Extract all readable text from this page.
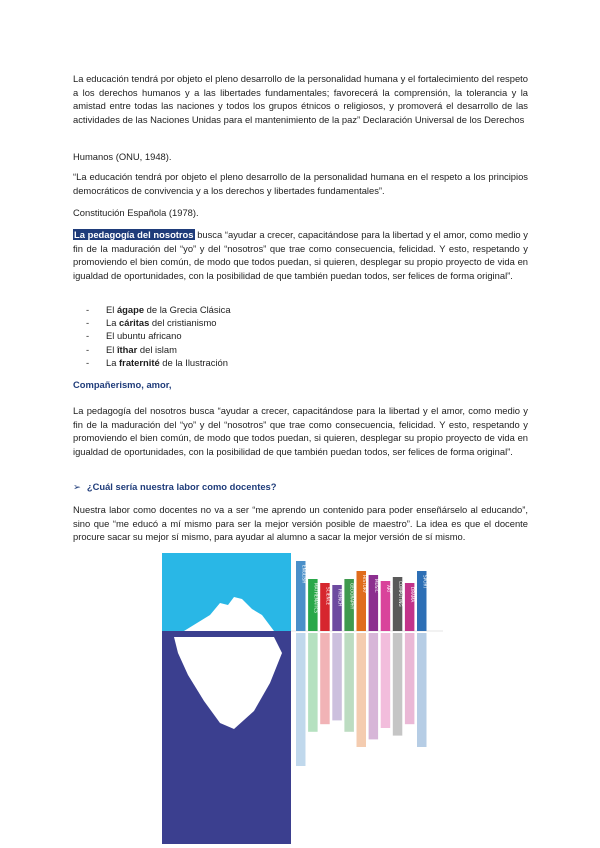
La educación tendrá por objeto el pleno desarrollo de la personalidad humana y el fortalecimiento del respeto a los derechos humanos y a las libertades fundamentales; favorecerá la comprensión, la tolerancia y la amistad entre todas las naciones y todos los grupos étnicos o religiosos, y promoverá el desarrollo de las actividades de las Naciones Unidas para el mantenimiento de la paz” Declaración Universal de los Derechos

Humanos (ONU, 1948).

“La educación tendrá por objeto el pleno desarrollo de la personalidad humana en el respeto a los principios democráticos de convivencia y a los derechos y libertades fundamentales”.

Constitución Española (1978).

La pedagogía del nosotros busca “ayudar a crecer, capacitándose para la libertad y el amor, como medio y fin de la maduración del “yo” y del “nosotros” que trae como consecuencia, felicidad. Y esto, respetando y promoviendo el bien común, de modo que todos puedan, si quieren, desplegar su propio proyecto de vida en igualdad de oportunidades, con la posibilidad de que también puedan todos, ser felices de forma original”.

- El ágape de la Grecia Clásica
- La cáritas del cristianismo
- El ubuntu africano
- El îthar del islam
- La fraternité de la Ilustración
Compañerismo, amor,

La pedagogía del nosotros busca “ayudar a crecer, capacitándose para la libertad y el amor, como medio y fin de la maduración del “yo” y del “nosotros” que trae como consecuencia, felicidad. Y esto, respetando y promoviendo el bien común, de modo que todos puedan, si quieren, desplegar su propio proyecto de vida en igualdad de oportunidades, con la posibilidad de que también puedan todos, ser felices de forma original”.

➢ ¿Cuál sería nuestra labor como docentes?

Nuestra labor como docentes no va a ser “me aprendo un contenido para poder enseñárselo al educando”, sino que “me educó a mí mismo para ser la mejor versión posible de maestro”. La idea es que el docente procure sacar su mejor sí mismo, para ayudar al alumno a sacar la mejor versión de sí mismo.

ENGLISH
MATHEMATICS SCIENCE FRENCH GEOGRAPHY HISTORY MUSIC ART COMPUTING DRAMA
SPORT
